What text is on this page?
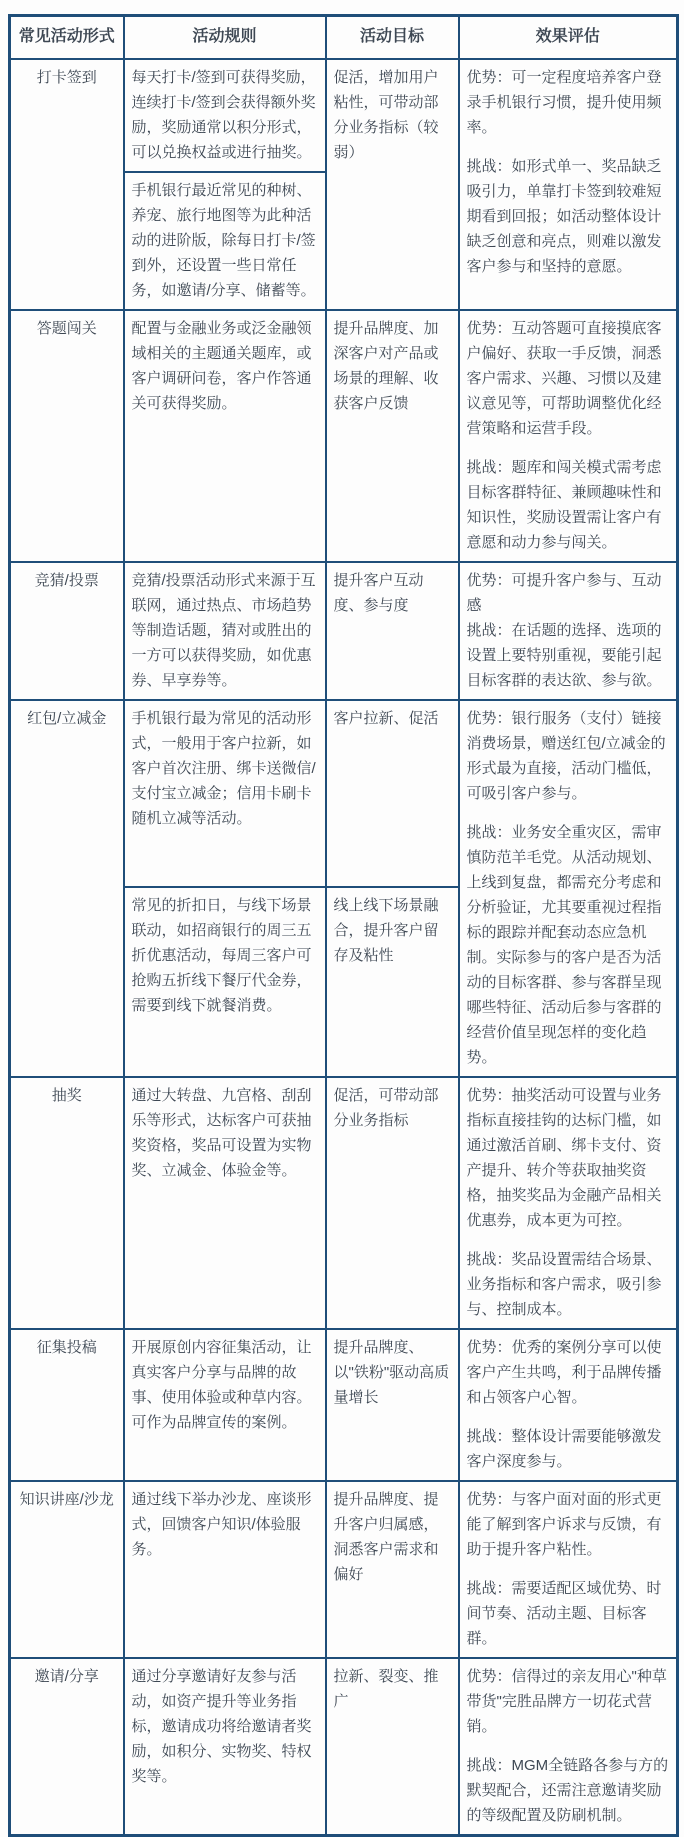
常见活动形式	活动规则	活动目标	效果评估
打卡签到	每天打卡/签到可获得奖励，连续打卡/签到会获得额外奖励，奖励通常以积分形式，可以兑换权益或进行抽奖。	促活，增加用户粘性，可带动部分业务指标（较弱）	优势：可一定程度培养客户登录手机银行习惯，提升使用频率。

挑战：如形式单一、奖品缺乏吸引力，单靠打卡签到较难短期看到回报；如活动整体设计缺乏创意和亮点，则难以激发客户参与和坚持的意愿。

	手机银行最近常见的种树、养宠、旅行地图等为此种活动的进阶版，除每日打卡/签到外，还设置一些日常任务，如邀请/分享、储蓄等。		
答题闯关	配置与金融业务或泛金融领域相关的主题通关题库，或客户调研问卷，客户作答通关可获得奖励。	提升品牌度、加深客户对产品或场景的理解、收获客户反馈	优势：互动答题可直接摸底客户偏好、获取一手反馈，洞悉客户需求、兴趣、习惯以及建议意见等，可帮助调整优化经营策略和运营手段。

挑战：题库和闯关模式需考虑目标客群特征、兼顾趣味性和知识性，奖励设置需让客户有意愿和动力参与闯关。

竞猜/投票	竞猜/投票活动形式来源于互联网，通过热点、市场趋势等制造话题，猜对或胜出的一方可以获得奖励，如优惠券、早享券等。	提升客户互动度、参与度	优势：可提升客户参与、互动感

挑战：在话题的选择、选项的设置上要特别重视，要能引起目标客群的表达欲、参与欲。

红包/立减金	手机银行最为常见的活动形式，一般用于客户拉新，如客户首次注册、绑卡送微信/支付宝立减金；信用卡刷卡随机立减等活动。	客户拉新、促活	优势：银行服务（支付）链接消费场景，赠送红包/立减金的形式最为直接，活动门槛低，可吸引客户参与。

挑战：业务安全重灾区，需审慎防范羊毛党。从活动规划、上线到复盘，都需充分考虑和分析验证，尤其要重视过程指标的跟踪并配套动态应急机制。实际参与的客户是否为活动的目标客群、参与客群呈现哪些特征、活动后参与客群的经营价值呈现怎样的变化趋势。

	常见的折扣日，与线下场景联动，如招商银行的周三五折优惠活动，每周三客户可抢购五折线下餐厅代金券，需要到线下就餐消费。	线上线下场景融合，提升客户留存及粘性	
抽奖	通过大转盘、九宫格、刮刮乐等形式，达标客户可获抽奖资格，奖品可设置为实物奖、立减金、体验金等。	促活，可带动部分业务指标	优势：抽奖活动可设置与业务指标直接挂钩的达标门槛，如通过激活首刷、绑卡支付、资产提升、转介等获取抽奖资格，抽奖奖品为金融产品相关优惠券，成本更为可控。

挑战：奖品设置需结合场景、业务指标和客户需求，吸引参与、控制成本。

征集投稿	开展原创内容征集活动，让真实客户分享与品牌的故事、使用体验或种草内容。可作为品牌宣传的案例。	提升品牌度、以"铁粉"驱动高质量增长	优势：优秀的案例分享可以使客户产生共鸣，利于品牌传播和占领客户心智。

挑战：整体设计需要能够激发客户深度参与。

知识讲座/沙龙	通过线下举办沙龙、座谈形式，回馈客户知识/体验服务。	提升品牌度、提升客户归属感，洞悉客户需求和偏好	优势：与客户面对面的形式更能了解到客户诉求与反馈，有助于提升客户粘性。

挑战：需要适配区域优势、时间节奏、活动主题、目标客群。

邀请/分享	通过分享邀请好友参与活动，如资产提升等业务指标，邀请成功将给邀请者奖励，如积分、实物奖、特权奖等。	拉新、裂变、推广	优势：信得过的亲友用心"种草带货"完胜品牌方一切花式营销。

挑战：MGM全链路各参与方的默契配合，还需注意邀请奖励的等级配置及防刷机制。
